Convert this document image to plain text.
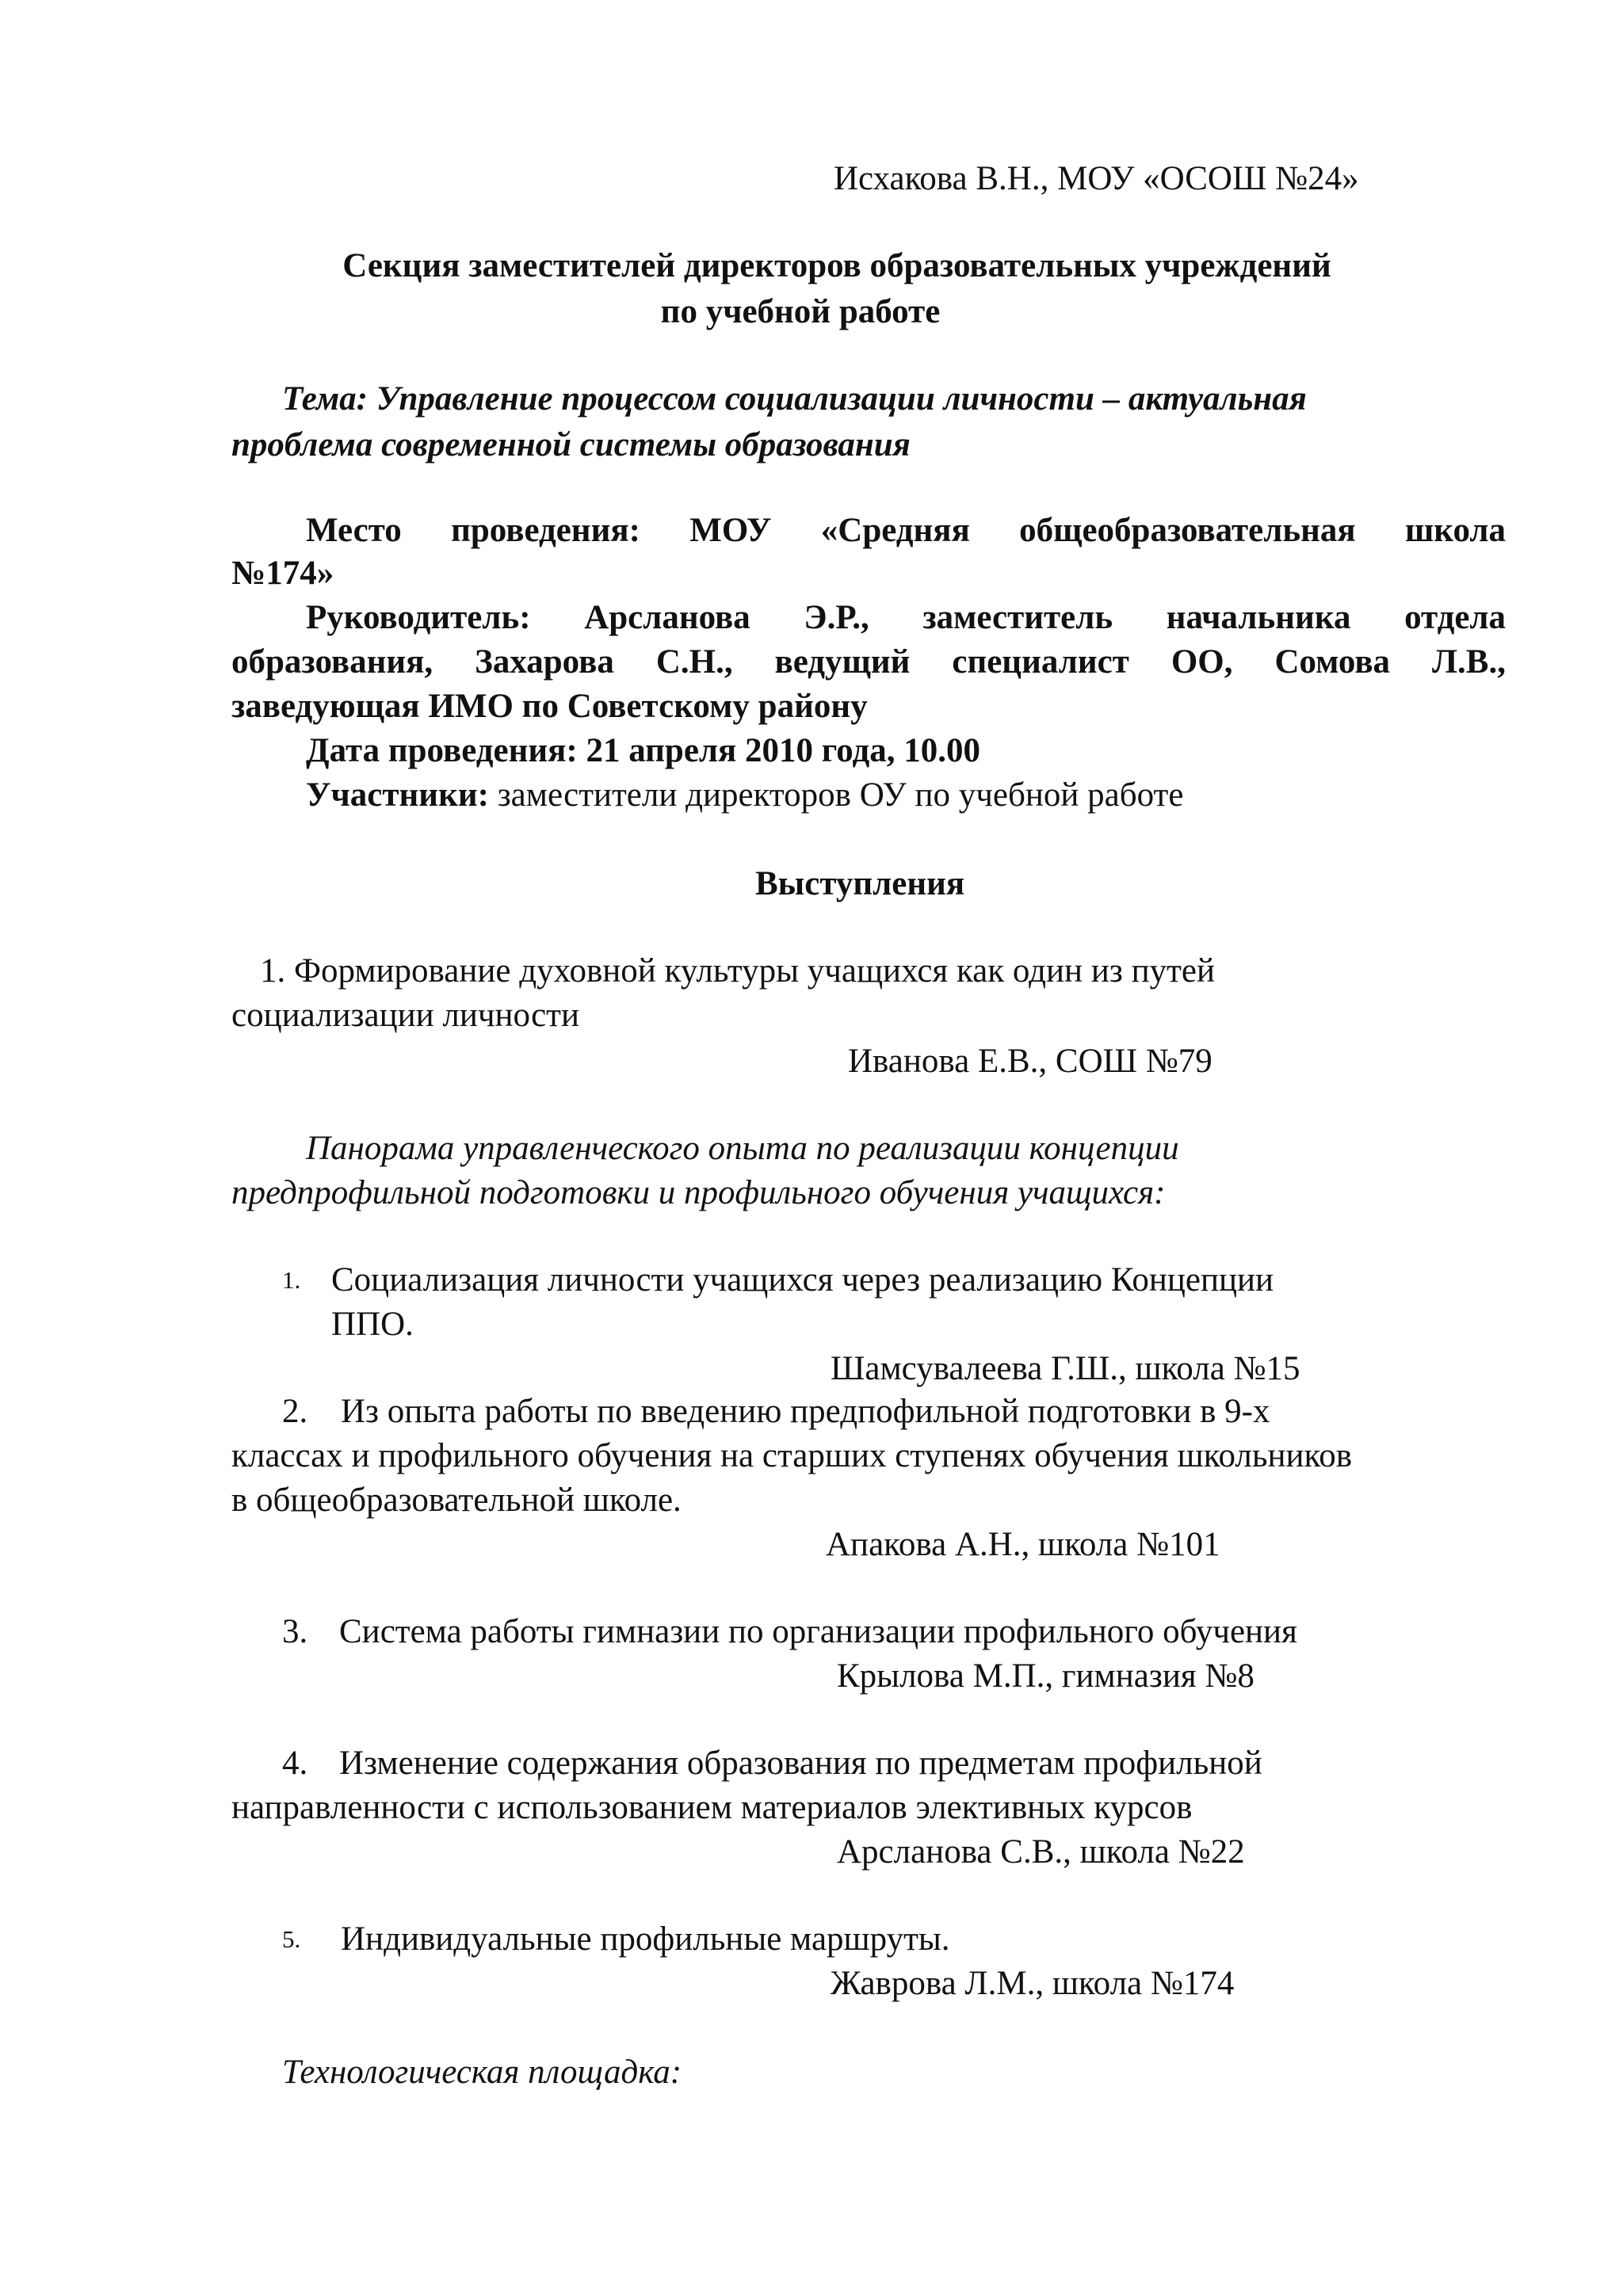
Исхакова В.Н., МОУ «ОСОШ №24»
Секция заместителей директоров образовательных учреждений
по учебной работе
Тема: Управление процессом социализации личности – актуальная
проблема современной системы образования
Место проведения: МОУ «Средняя общеобразовательная школа
№174»
Руководитель: Арсланова Э.Р., заместитель начальника отдела
образования, Захарова С.Н., ведущий специалист ОО, Сомова Л.В.,
заведующая ИМО по Советскому району
Дата проведения: 21 апреля 2010 года, 10.00
Участники: заместители директоров ОУ по учебной работе
Выступления
1. Формирование духовной культуры учащихся как один из путей
социализации личности
Иванова Е.В., СОШ №79
Панорама управленческого опыта по реализации концепции
предпрофильной подготовки и профильного обучения учащихся:
1. Социализация личности учащихся через реализацию Концепции
ППО.
Шамсувалеева Г.Ш., школа №15
2. Из опыта работы по введению предпофильной подготовки в 9-х
классах и профильного обучения на старших ступенях обучения школьников
в общеобразовательной школе.
Апакова А.Н., школа №101
3. Система работы гимназии по организации профильного обучения
Крылова М.П., гимназия №8
4. Изменение содержания образования по предметам профильной
направленности с использованием материалов элективных курсов
Арсланова С.В., школа №22
5. Индивидуальные профильные маршруты.
Жаврова Л.М., школа №174
Технологическая площадка:
